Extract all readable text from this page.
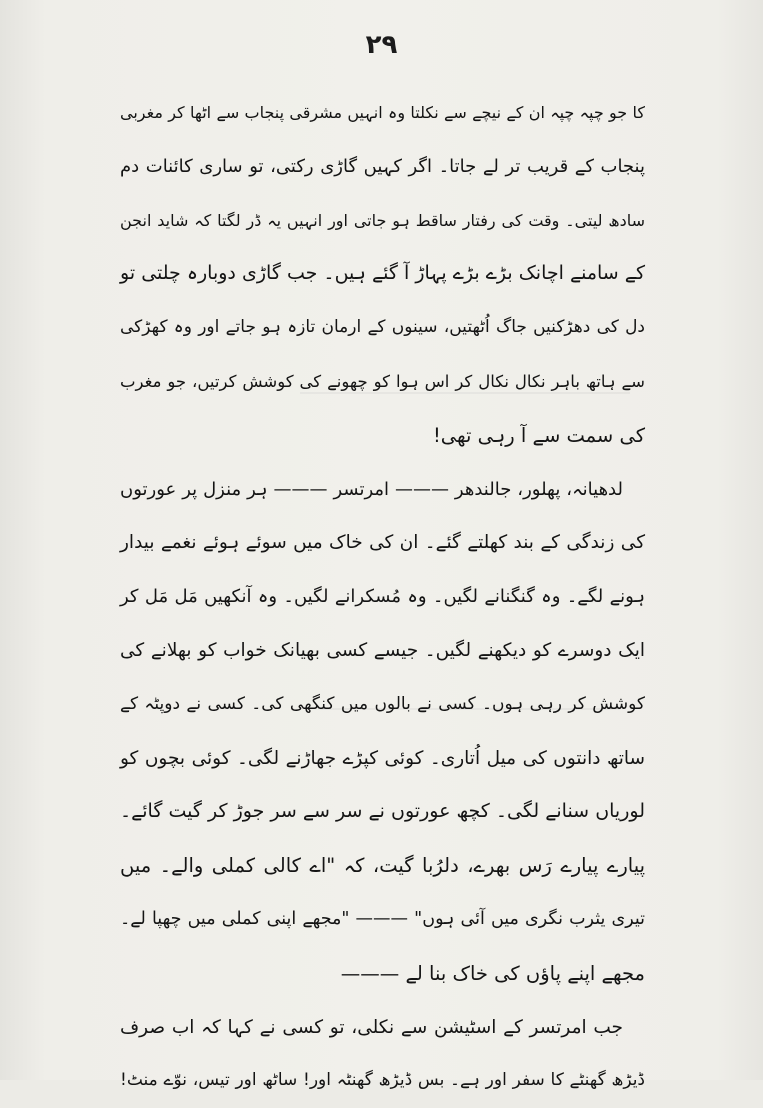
۲۹
کا جو چپہ چپہ ان کے نیچے سے نکلتا وہ انہیں مشرقی پنجاب سے اٹھا کر مغربی
پنجاب کے قریب تر لے جاتا۔ اگر کہیں گاڑی رکتی، تو ساری کائنات دم
سادھ لیتی۔ وقت کی رفتار ساقط ہو جاتی اور انہیں یہ ڈر لگتا کہ شاید انجن
کے سامنے اچانک بڑے بڑے پہاڑ آ گئے ہیں۔ جب گاڑی دوبارہ چلتی تو
دل کی دھڑکنیں جاگ اُٹھتیں، سینوں کے ارمان تازہ ہو جاتے اور وہ کھڑکی
سے ہاتھ باہر نکال نکال کر اس ہوا کو چھونے کی کوشش کرتیں، جو مغرب
کی سمت سے آ رہی تھی!
لدھیانہ، پھلور، جالندھر ——— امرتسر ——— ہر منزل پر عورتوں
کی زندگی کے بند کھلتے گئے۔ ان کی خاک میں سوئے ہوئے نغمے بیدار
ہونے لگے۔ وہ گنگنانے لگیں۔ وہ مُسکرانے لگیں۔ وہ آنکھیں مَل مَل کر
ایک دوسرے کو دیکھنے لگیں۔ جیسے کسی بھیانک خواب کو بھلانے کی
کوشش کر رہی ہوں۔ کسی نے بالوں میں کنگھی کی۔ کسی نے دوپٹہ کے
ساتھ دانتوں کی میل اُتاری۔ کوئی کپڑے جھاڑنے لگی۔ کوئی بچوں کو
لوریاں سنانے لگی۔ کچھ عورتوں نے سر سے سر جوڑ کر گیت گائے۔
پیارے پیارے رَس بھرے، دلرُبا گیت، کہ "اے کالی کملی والے۔ میں
تیری یثرب نگری میں آئی ہوں" ——— "مجھے اپنی کملی میں چھپا لے۔
مجھے اپنے پاؤں کی خاک بنا لے ———
جب امرتسر کے اسٹیشن سے نکلی، تو کسی نے کہا کہ اب صرف
ڈیڑھ گھنٹے کا سفر اور ہے۔ بس ڈیڑھ گھنٹہ اور! ساٹھ اور تیس، نوّے منٹ!
